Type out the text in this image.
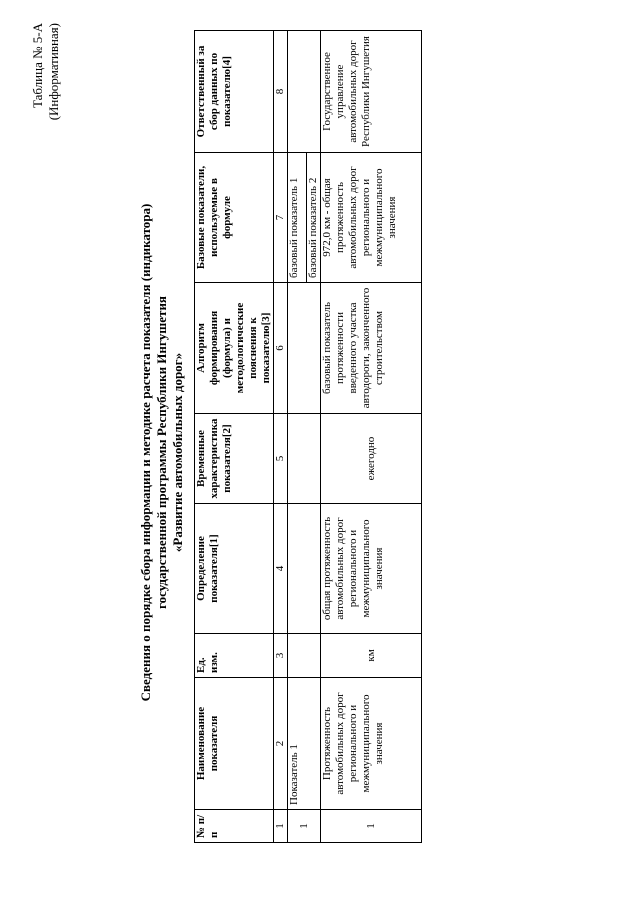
Таблица № 5-А (Информативная)
Сведения о порядке сбора информации и методике расчета показателя (индикатора) государственной программы Республики Ингушетия «Развитие автомобильных дорог»
№ п/п	Наименование показателя	Ед. изм.	Определение показателя[1]	Временные характеристика показателя[2]	Алгоритм формирования (формула) и методологические пояснения к показателю[3]	Базовые показатели, используемые в формуле	Ответственный за сбор данных по показателю[4]
1	2	3	4	5	6	7	8
1	Показатель 1					базовый показатель 1	
						базовый показатель 2	
1	Протяженность автомобильных дорог регионального и межмуниципального значения	км	общая протяженность автомобильных дорог регионального и межмуниципального значения	ежегодно	базовый показатель протяженности введенного участка автодороги, законченного строительством	972,0 км - общая протяженность автомобильных дорог регионального и межмуниципального значения	Государственное управление автомобильных дорог Республики Ингушетия
